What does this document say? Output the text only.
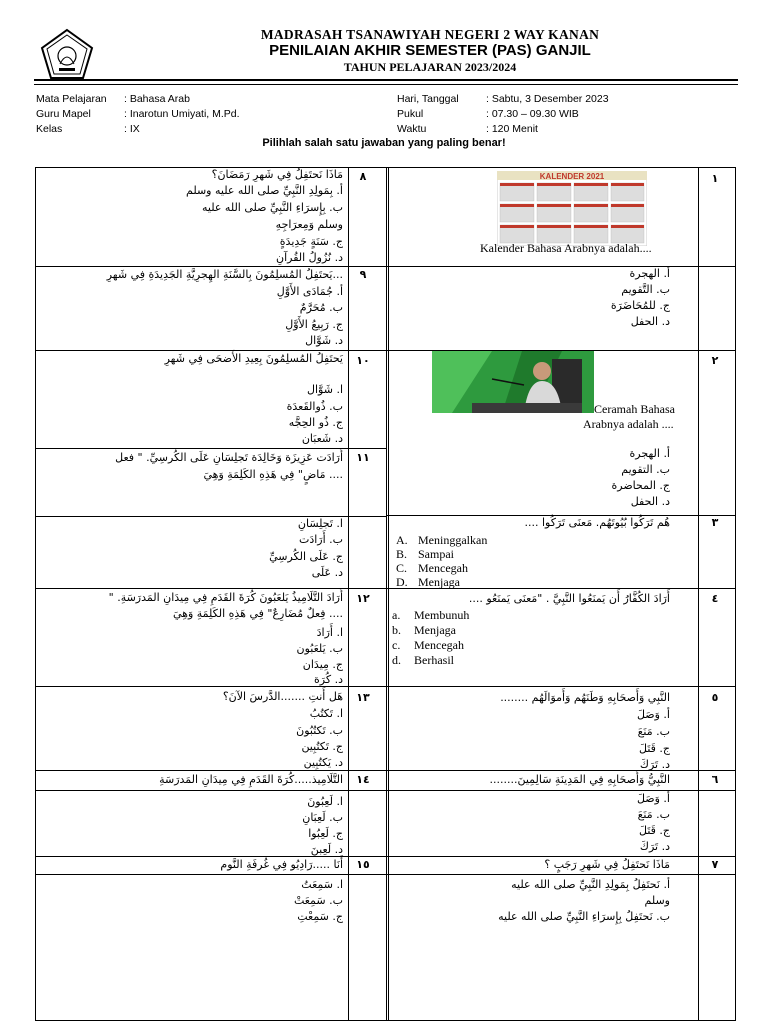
MADRASAH TSANAWIYAH NEGERI 2 WAY KANAN
PENILAIAN AKHIR SEMESTER (PAS) GANJIL
TAHUN PELAJARAN 2023/2024
Mata Pelajaran : Bahasa Arab
Guru Mapel	: Inarotun Umiyati, M.Pd.
Kelas	: IX
Hari, Tanggal	: Sabtu, 3 Desember 2023
Pukul	: 07.30 – 09.30 WIB
Waktu	: 120 Menit
Pilihlah salah satu jawaban yang paling benar!
١
KALENDER 2021
Kalender Bahasa Arabnya adalah....
أ. الهجرة
ب. التَّقويم
ج. للمُحَاضَرَة
د. الحفل
٢
Ceramah Bahasa
Arabnya adalah ....
أ. الهجرة
ب. التقويم
ج. المحاضرة
د. الحفل
٣
هُم تَرَكُوا بُيُوتَهُم. مَعنَى تَرَكُوا ....
A. Meninggalkan
B. Sampai
C. Mencegah
D. Menjaga
٤
أَرَادَ الكُفَّارُ أَن يَمنَعُوا النَّبِيَّ . "مَعنَى يَمنَعُو ....
a. Membunuh
b. Menjaga
c. Mencegah
d. Berhasil
٥
النَّبِي وَأَصحَابِهِ وَطَنَهُم وَأَموَالَهُم ........
أ. وَصَلَ
ب. مَنَعَ
ج. قَتَلَ
د. تَرَكَ
٦
النَّبِيُّ وَأَصحَابِهِ فِي المَدِينَةِ سَالِمِينَ........
أ. وَصَلَ
ب. مَنَعَ
ج. قَتَلَ
د. تَرَكَ
٧
مَاذَا نَحتَفِلُ فِي شَهرِ رَجَبٍ ؟
أ. نَحتَفِلُ بِمَولِدِ النَّبِيِّ صلى الله عليه
وسلم
ب. نَحتَفِلُ بِإِسرَاءِ النَّبِيِّ صلى الله عليه
٨
مَاذَا نَحتَفِلُ فِي شَهرِ رَمَضَانَ؟
أ. بِمَولِدِ النَّبِيِّ صلى الله عليه وسلم
ب. بِإِسرَاءِ النَّبِيِّ صلى الله عليه
وسلم وَمِعرَاجِهِ
ج. سَنَةٍ جَدِيدَةٍ
د. نُزُولُ القُرآنِ
٩
...يَحتَفِلُ المُسلِمُونَ بِالسَّنَةِ الهِجرِيَّةِ الجَدِيدَةِ فِي شَهرِ
أ. جُمَادَى الأَوَّلِ
ب. مُحَرَّمٌ
ج. رَبِيعُ الأَوَّلِ
د. شَوَّال
١٠
يَحتَفِلُ المُسلِمُونَ بِعِيدِ الأَضحَى فِي شَهرِ
ا. شَوَّال
ب. ذُوالقَعدَة
ج. ذُو الحِجَّه
د. شَعبَان
١١
أَرَادَت عَزِيزَة وَخَالِدَة تَجلِسَانِ عَلَى الكُرسِيِّ. " فعل
.... مَاضٍ" فِي هَذِهِ الكَلِمَةِ وَهِيَ
ا. تَجلِسَانِ
ب. أَرَادَت
ج. عَلَى الكُرسِيِّ
د. عَلَى
١٢
أَرَادَ التَّلَامِيذُ يَلعَبُونَ كُرَةَ القَدَمِ فِي مِيدَانِ المَدرَسَةِ. "
.... فِعلٌ مُضَارِعٌ" فِي هَذِهِ الكَلِمَةِ وَهِيَ
ا. أَرَادَ
ب. يَلعَبُون
ج. مِيدَان
د. كُرَة
١٣
هَل أَنتِ .......الدَّرسَ الآنَ؟
ا. تَكتُبُ
ب. تَكتُبُونَ
ج. تَكتُبِين
د. يَكتُبِين
١٤
التَّلَامِيذ.....كُرَةَ القَدَمِ فِي مِيدَانِ المَدرَسَةِ
ا. لَعِبُونَ
ب. لَعِبَانِ
ج. لَعِبُوا
د. لَعِبنَ
١٥
أَنَا .....رَادِيُو فِي غُرفَةِ النَّوم
ا. سَمِعَتُ
ب. سَمِعَتْ
ج. سَمِعْتِ
